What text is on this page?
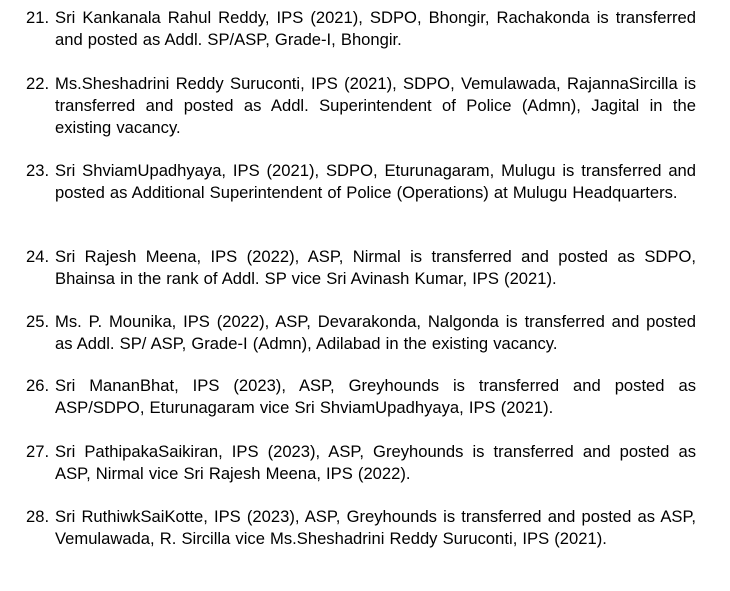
21. Sri Kankanala Rahul Reddy, IPS (2021), SDPO, Bhongir, Rachakonda is transferred and posted as Addl. SP/ASP, Grade-I, Bhongir.
22. Ms.Sheshadrini Reddy Suruconti, IPS (2021), SDPO, Vemulawada, RajannaSircilla is transferred and posted as Addl. Superintendent of Police (Admn), Jagital in the existing vacancy.
23. Sri ShviamUpadhyaya, IPS (2021), SDPO, Eturunagaram, Mulugu is transferred and posted as Additional Superintendent of Police (Operations) at Mulugu Headquarters.
24. Sri Rajesh Meena, IPS (2022), ASP, Nirmal is transferred and posted as SDPO, Bhainsa in the rank of Addl. SP vice Sri Avinash Kumar, IPS (2021).
25. Ms. P. Mounika, IPS (2022), ASP, Devarakonda, Nalgonda is transferred and posted as Addl. SP/ ASP, Grade-I (Admn), Adilabad in the existing vacancy.
26. Sri MananBhat, IPS (2023), ASP, Greyhounds is transferred and posted as ASP/SDPO, Eturunagaram vice Sri ShviamUpadhyaya, IPS (2021).
27. Sri PathipakaSaikiran, IPS (2023), ASP, Greyhounds is transferred and posted as ASP, Nirmal vice Sri Rajesh Meena, IPS (2022).
28. Sri RuthiwkSaiKotte, IPS (2023), ASP, Greyhounds is transferred and posted as ASP, Vemulawada, R. Sircilla vice Ms.Sheshadrini Reddy Suruconti, IPS (2021).
